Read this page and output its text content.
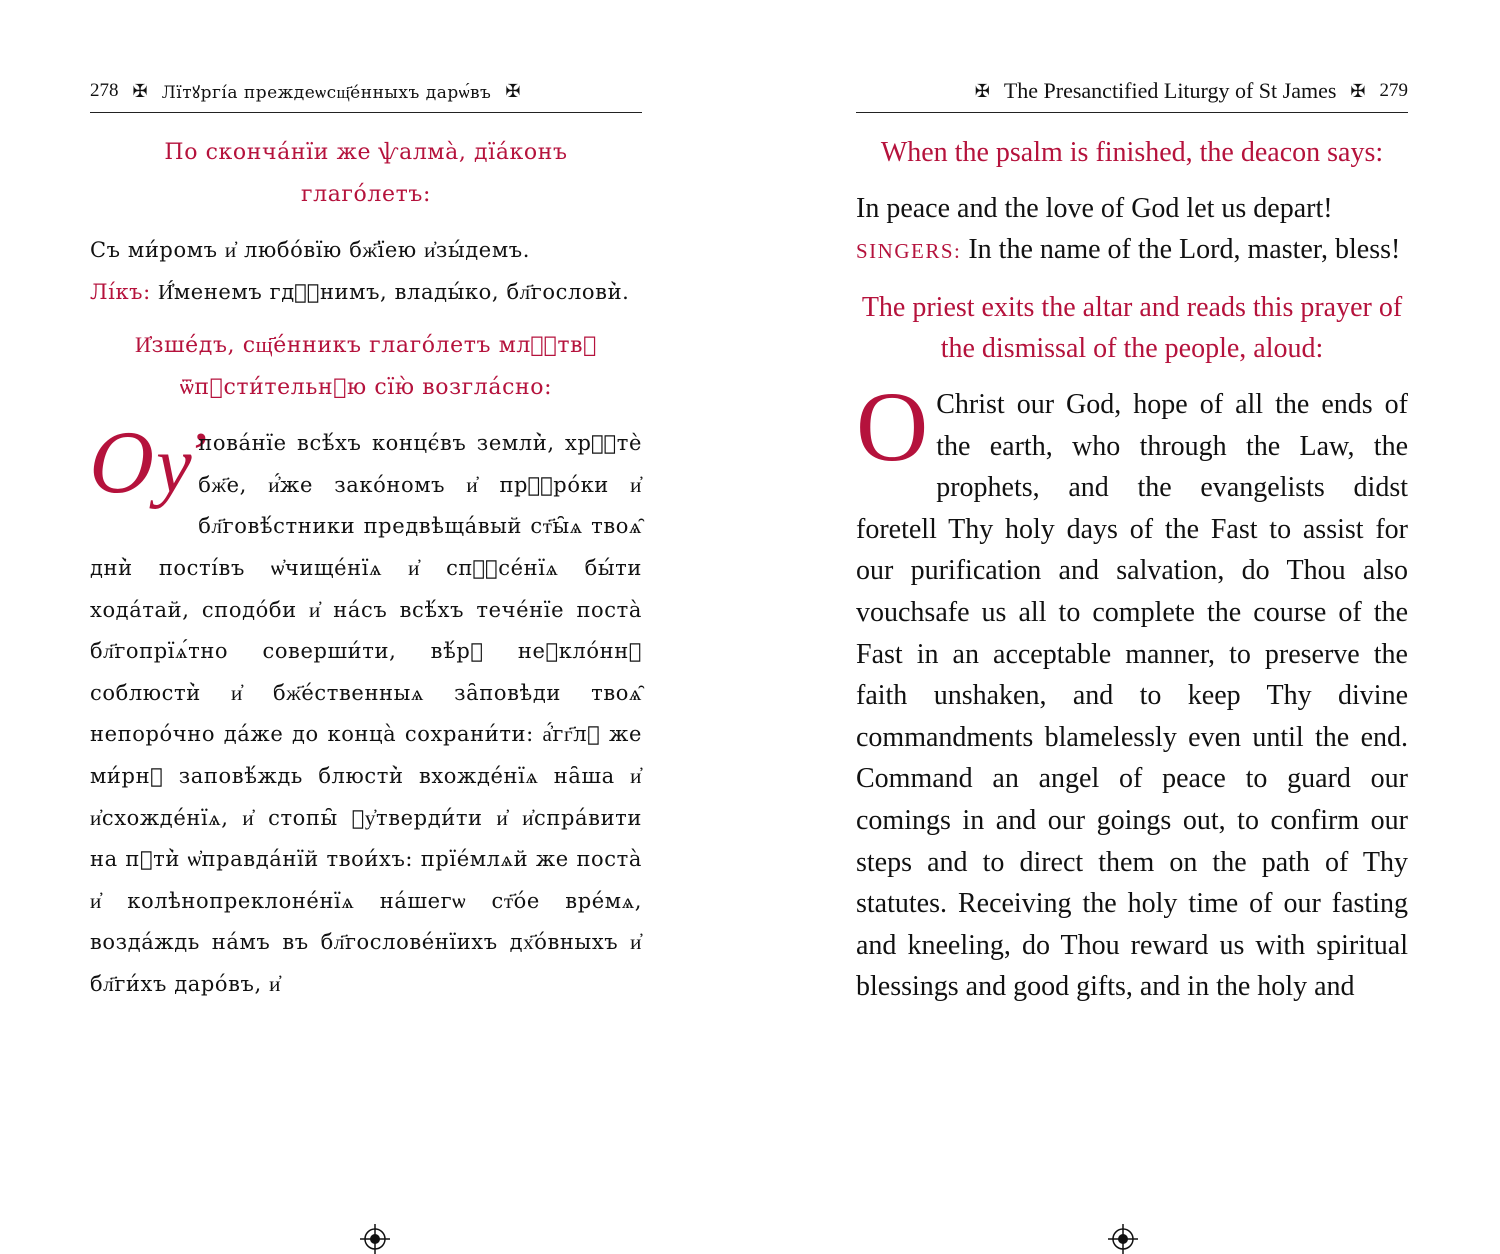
278 ✠ Лїтꙋргі́а преждеѡсщ҃е́нныхъ дарѡ́въ ✠
По сконча́нїи же ѱалма̀, дїа́конъ глаго́летъ:
Съ ми́ромъ и҆ любо́вїю бж҃їею и҆зы́демъ.
Лі́къ: И҆́менемъ гдⷭ҇нимъ, влады́ко, бл҃гослови̇̀.
И҆зше́дъ, сщ҃е́нникъ глаго́летъ млⷭ҇твꙋ ѿпꙋсти́тельнꙋю сїю̀ возгла́сно:
Оу҆ пова́нїе всѣ́хъ концє́въ земли̇̀, хрⷭ҇тѐ бж҃е, и҆́же зако́номъ и҆ прⷪ҇ро́ки и҆ бл҃говѣ́стники предвѣща́вый ст҃ы̑ѧ твоѧ̑ дни̇̀ пості́въ ѡ҆чище́нїѧ и҆ спⷭ҇се́нїѧ бы́ти хода́тай, сподо́би и҆ на́съ всѣ́хъ тече́нїе поста̀ бл҃гопрїѧ́тно соверши́ти, вѣ́рꙋ неꙋкло́ннꙋ соблюсти̇̀ и҆ бж҃е́ственныѧ за̑повѣди твоѧ̑ непоро́чно да́же до конца̀ сохрани́ти: а҆́гг҃лꙋ же ми́рнꙋ заповѣ́ждь блюсти̇̀ вхожде́нїѧ на̑ша и҆ и҆схожде́нїѧ, и҆ стопы̑ ᲂу҆тверди́ти и҆ и҆спра́вити на пꙋти̇̀ ѡ҆правда́нїй твои́хъ: прїе́млѧй же поста̀ и҆ колѣнопреклоне́нїѧ на́шегѡ ст҃о́е вре́мѧ, возда́ждь на́мъ въ бл҃гослове́нїихъ дх҃о́вныхъ и҆ бл҃ги́хъ даро́въ, и҆
✠ The Presanctified Liturgy of St James ✠ 279
When the psalm is finished, the deacon says:
In peace and the love of God let us depart!
SINGERS: In the name of the Lord, master, bless!
The priest exits the altar and reads this prayer of the dismissal of the people, aloud:
O Christ our God, hope of all the ends of the earth, who through the Law, the prophets, and the evangelists didst foretell Thy holy days of the Fast to assist for our purification and salvation, do Thou also vouchsafe us all to complete the course of the Fast in an acceptable manner, to preserve the faith unshaken, and to keep Thy divine commandments blamelessly even until the end. Command an angel of peace to guard our comings in and our goings out, to confirm our steps and to direct them on the path of Thy statutes. Receiving the holy time of our fasting and kneeling, do Thou reward us with spiritual blessings and good gifts, and in the holy and
